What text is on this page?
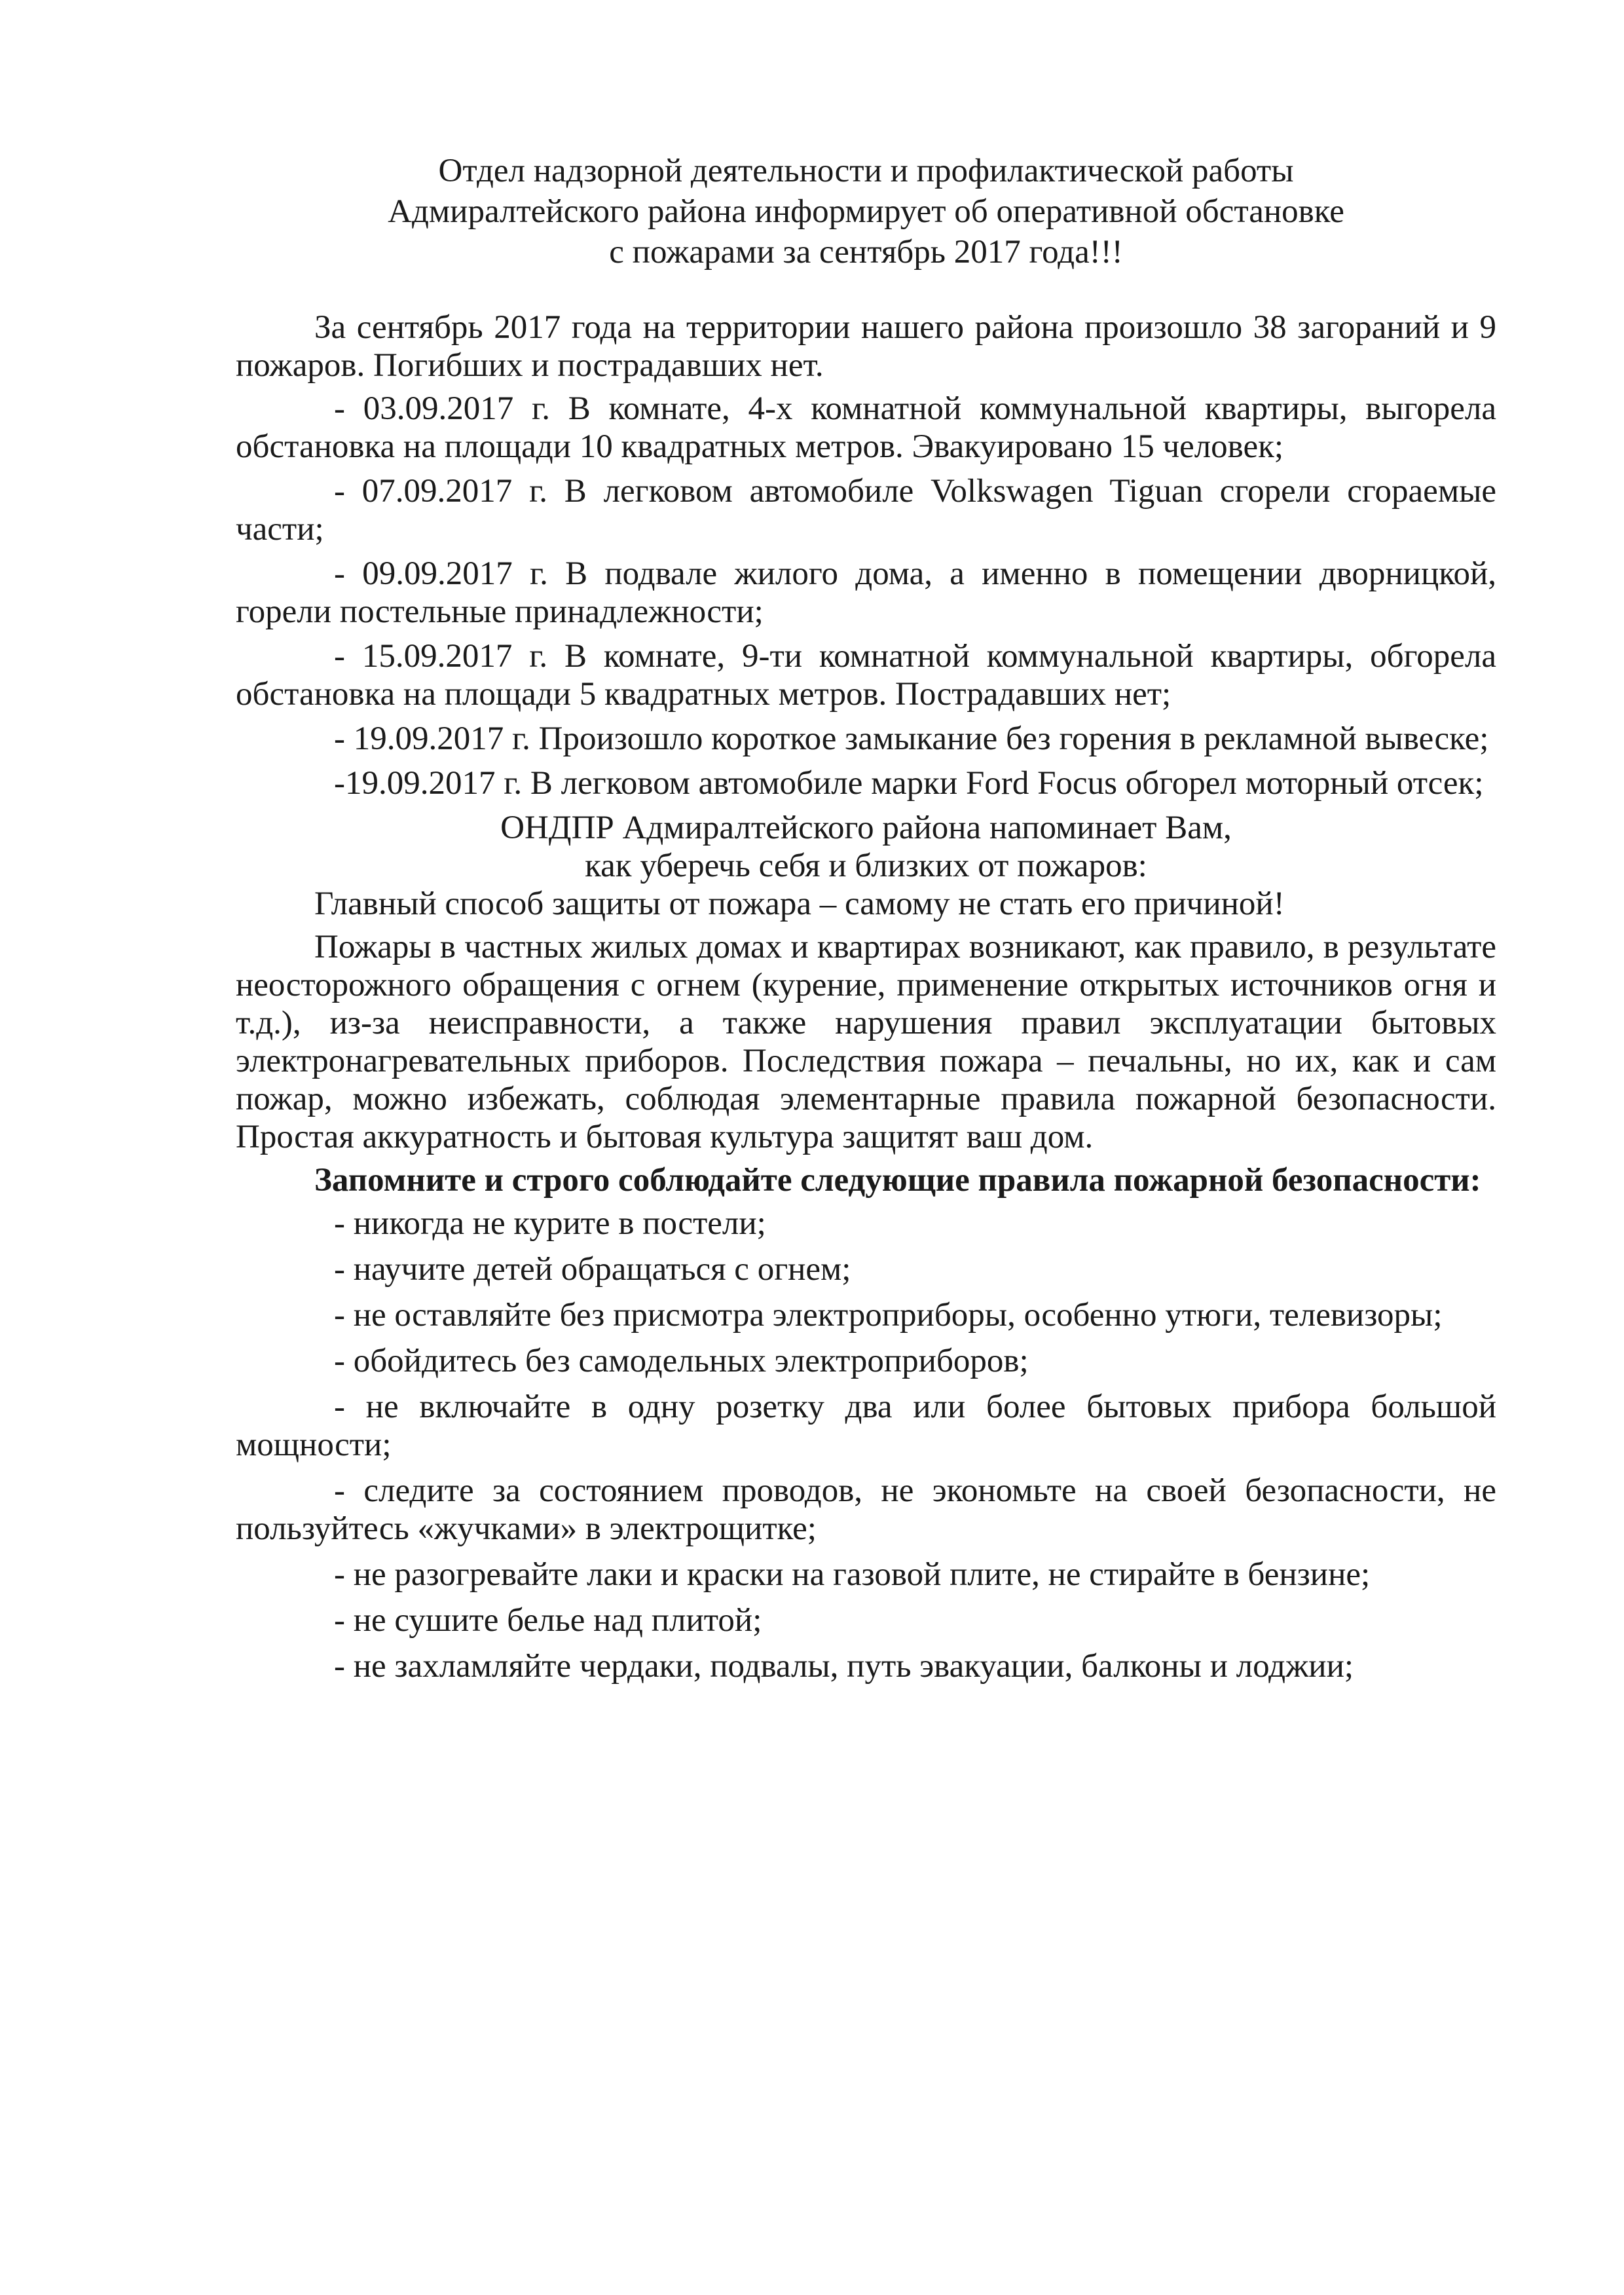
Отдел надзорной деятельности и профилактической работы
Адмиралтейского района информирует об оперативной обстановке
с пожарами за сентябрь 2017 года!!!

За сентябрь 2017 года на территории нашего района произошло 38 загораний и 9 пожаров. Погибших и пострадавших нет.

- 03.09.2017 г. В комнате, 4-х комнатной коммунальной квартиры, выгорела обстановка на площади 10 квадратных метров. Эвакуировано 15 человек;

- 07.09.2017 г. В легковом автомобиле Volkswagen Tiguan сгорели сгораемые части;

- 09.09.2017 г. В подвале жилого дома, а именно в помещении дворницкой, горели постельные принадлежности;

- 15.09.2017 г. В комнате, 9-ти комнатной коммунальной квартиры, обгорела обстановка на площади 5 квадратных метров. Пострадавших нет;

- 19.09.2017 г. Произошло короткое замыкание без горения в рекламной вывеске;

-19.09.2017 г. В легковом автомобиле марки Ford Focus обгорел моторный отсек;

ОНДПР Адмиралтейского района напоминает Вам,
как уберечь себя и близких от пожаров:

Главный способ защиты от пожара – самому не стать его причиной!

Пожары в частных жилых домах и квартирах возникают, как правило, в результате неосторожного обращения с огнем (курение, применение открытых источников огня и т.д.), из-за неисправности, а также нарушения правил эксплуатации бытовых электронагревательных приборов. Последствия пожара – печальны, но их, как и сам пожар, можно избежать, соблюдая элементарные правила пожарной безопасности. Простая аккуратность и бытовая культура защитят ваш дом.

Запомните и строго соблюдайте следующие правила пожарной безопасности:

- никогда не курите в постели;

- научите детей обращаться с огнем;

- не оставляйте без присмотра электроприборы, особенно утюги, телевизоры;

- обойдитесь без самодельных электроприборов;

- не включайте в одну розетку два или более бытовых прибора большой мощности;

- следите за состоянием проводов, не экономьте на своей безопасности, не пользуйтесь «жучками» в электрощитке;

- не разогревайте лаки и краски на газовой плите, не стирайте в бензине;

- не сушите белье над плитой;

- не захламляйте чердаки, подвалы, путь эвакуации, балконы и лоджии;
